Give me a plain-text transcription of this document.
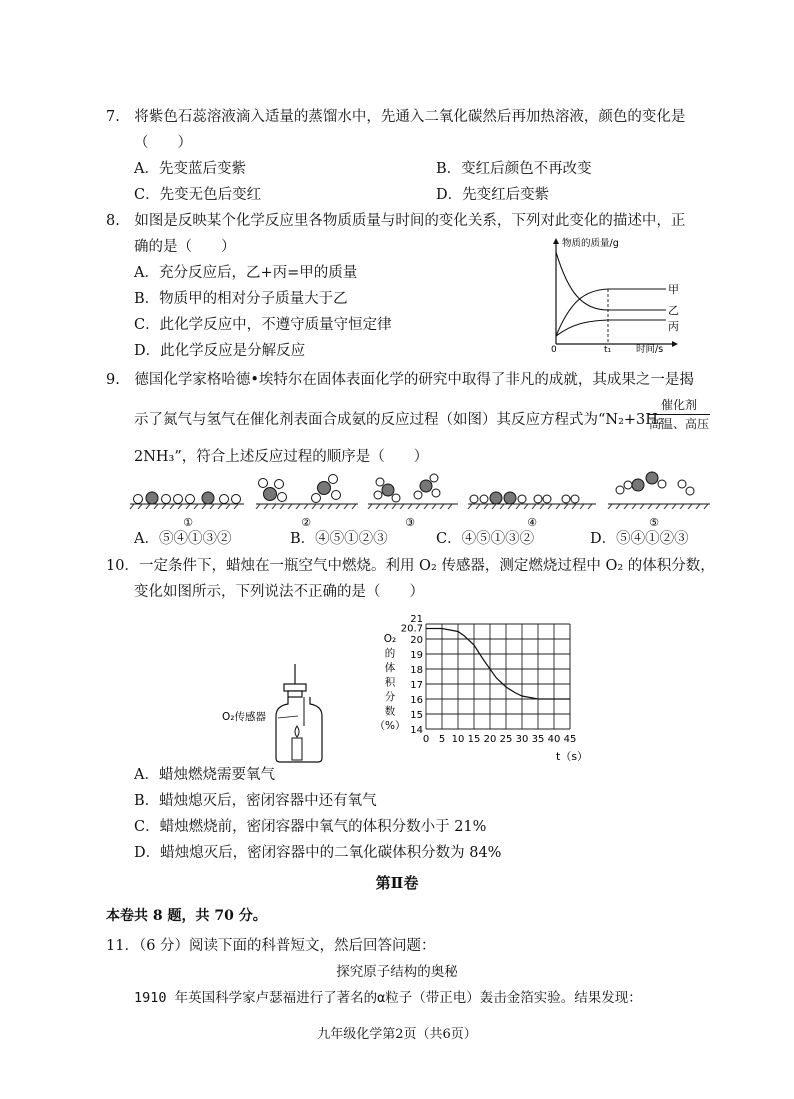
7.　将紫色石蕊溶液滴入适量的蒸馏水中，先通入二氧化碳然后再加热溶液，颜色的变化是
（　　）
A．先变蓝后变紫	B．变红后颜色不再改变
C．先变无色后变红	D．先变红后变紫
8.　如图是反映某个化学反应里各物质质量与时间的变化关系，下列对此变化的描述中，正
确的是（　　）
A．充分反应后，乙+丙=甲的质量
B．物质甲的相对分子质量大于乙
C．此化学反应中，不遵守质量守恒定律
D．此化学反应是分解反应
物质的质量/g
甲
乙
丙
0	t₁	时间/s
9.　德国化学家格哈德•埃特尔在固体表面化学的研究中取得了非凡的成就，其成果之一是揭
示了氮气与氢气在催化剂表面合成氨的反应过程（如图）其反应方程式为“N₂+3H₂
催化剂
高温、高压
2NH₃”，符合上述反应过程的顺序是（　　）
①	②	③	④	⑤
A．⑤④①③②	B．④⑤①②③	C．④⑤①③②	D．⑤④①②③
10．一定条件下，蜡烛在一瓶空气中燃烧。利用 O₂ 传感器，测定燃烧过程中 O₂ 的体积分数，
变化如图所示，下列说法不正确的是（　　）
O₂传感器
O₂
的
体
积
分
数
（%） 14
15
16
17
18
19
20
20.7
21
0 5 10 15 20 25 30 35 40 45
t（s）
A．蜡烛燃烧需要氧气
B．蜡烛熄灭后，密闭容器中还有氧气
C．蜡烛燃烧前，密闭容器中氧气的体积分数小于 21%
D．蜡烛熄灭后，密闭容器中的二氧化碳体积分数为 84%
第Ⅱ卷
本卷共 8 题，共 70 分。
11．（6 分）阅读下面的科普短文，然后回答问题：
探究原子结构的奥秘
1910 年英国科学家卢瑟福进行了著名的α粒子（带正电）轰击金箔实验。结果发现：
九年级化学第2页（共6页）
